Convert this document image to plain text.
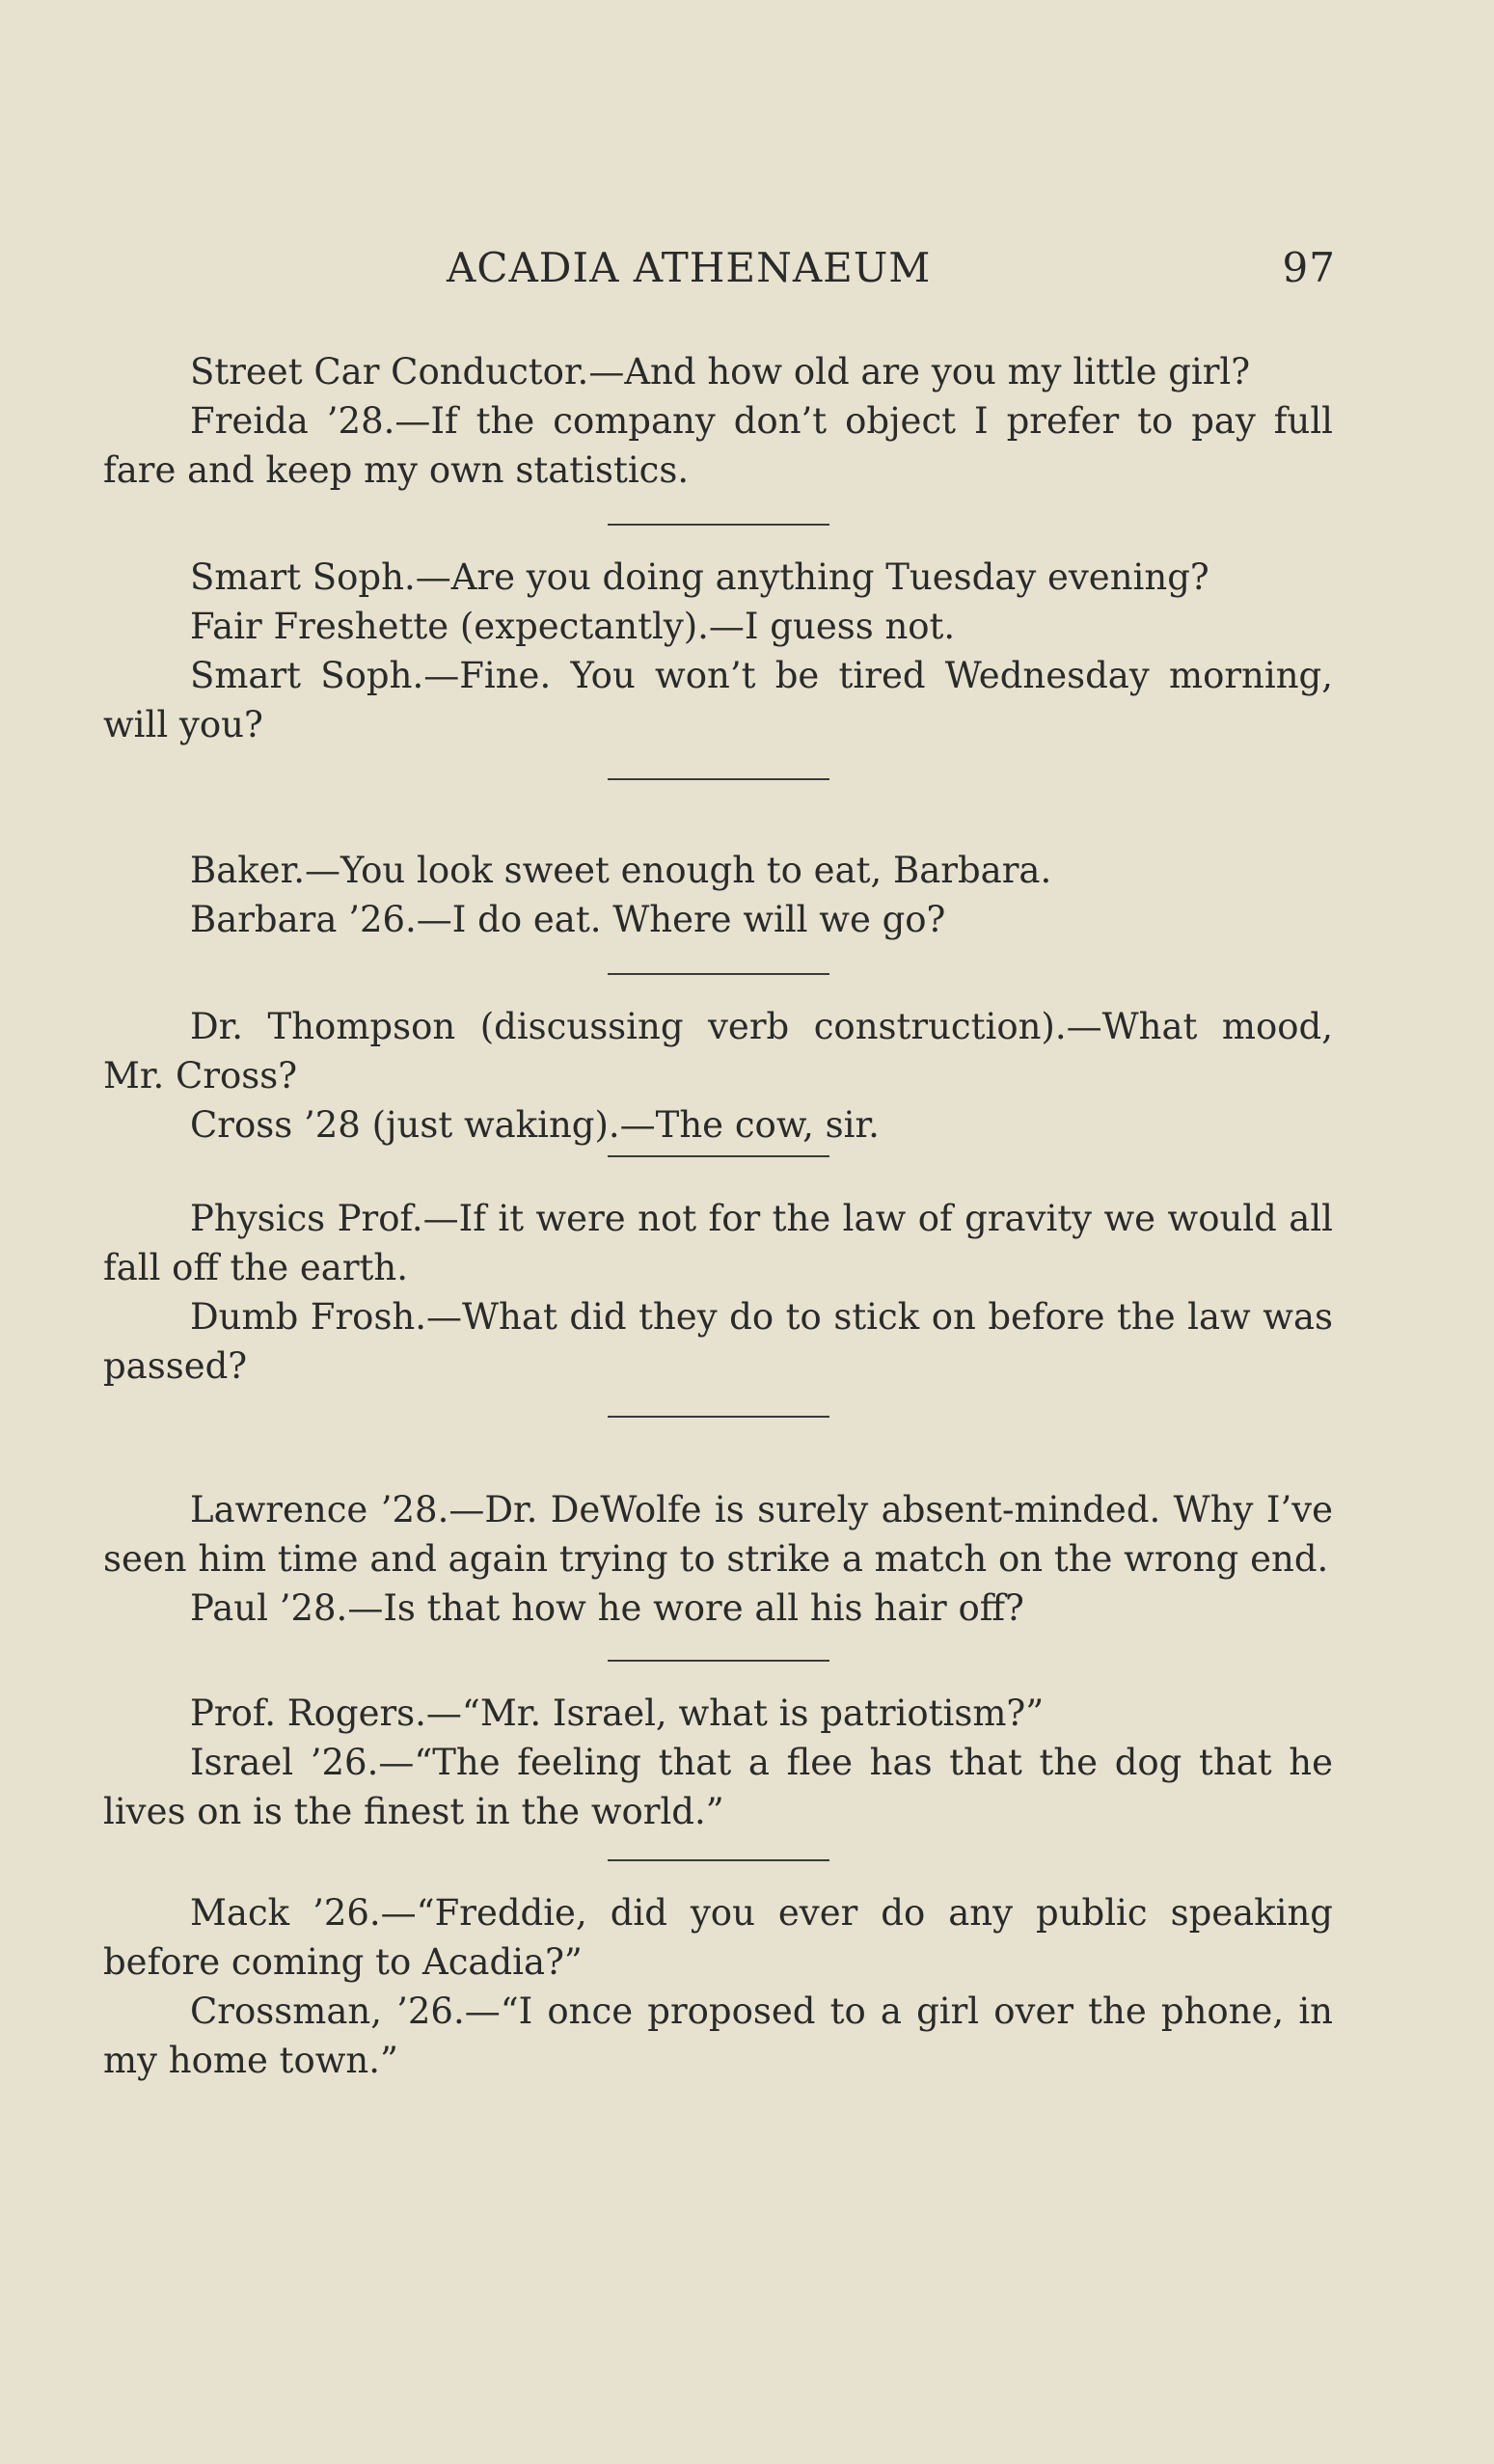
ACADIA ATHENAEUM	97

Street Car Conductor.—And how old are you my little girl?

Freida ’28.—If the company don’t object I prefer to pay full fare and keep my own statistics.

Smart Soph.—Are you doing anything Tuesday evening?

Fair Freshette (expectantly).—I guess not.

Smart Soph.—Fine. You won’t be tired Wednesday morning, will you?

Baker.—You look sweet enough to eat, Barbara.

Barbara ’26.—I do eat. Where will we go?

Dr. Thompson (discussing verb construction).—What mood, Mr. Cross?

Cross ’28 (just waking).—The cow, sir.

Physics Prof.—If it were not for the law of gravity we would all fall off the earth.

Dumb Frosh.—What did they do to stick on before the law was passed?

Lawrence ’28.—Dr. DeWolfe is surely absent-minded. Why I’ve seen him time and again trying to strike a match on the wrong end.

Paul ’28.—Is that how he wore all his hair off?

Prof. Rogers.—“Mr. Israel, what is patriotism?”

Israel ’26.—“The feeling that a flee has that the dog that he lives on is the finest in the world.”

Mack ’26.—“Freddie, did you ever do any public speaking before coming to Acadia?”

Crossman, ’26.—“I once proposed to a girl over the phone, in my home town.”
